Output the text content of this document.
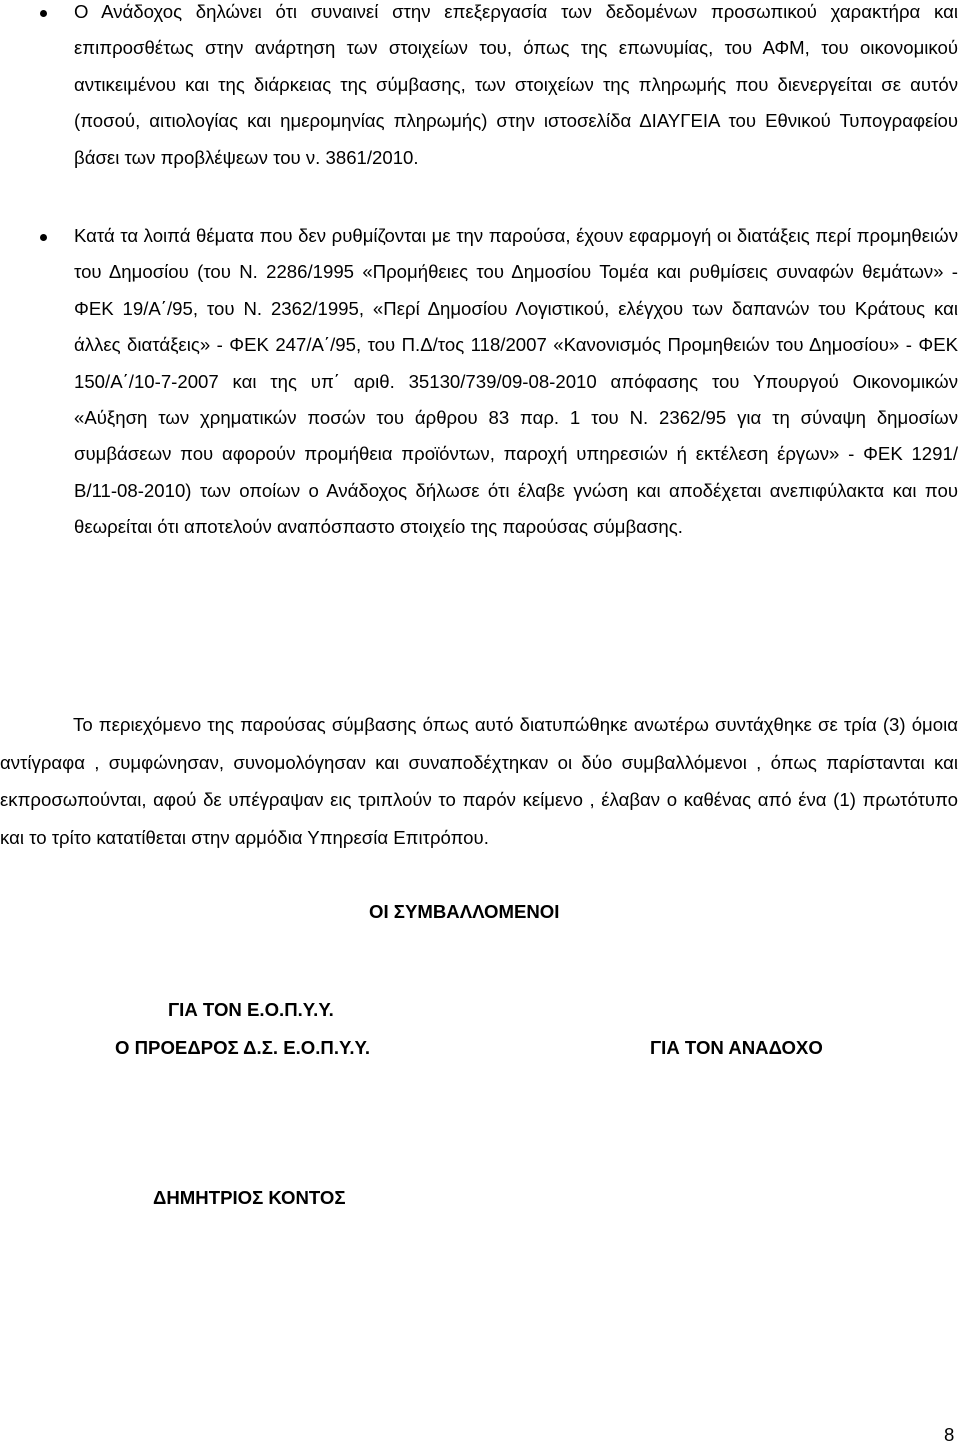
Ο Ανάδοχος δηλώνει ότι συναινεί στην επεξεργασία των δεδομένων προσωπικού χαρακτήρα και επιπροσθέτως στην ανάρτηση των στοιχείων του, όπως της επωνυμίας, του ΑΦΜ, του οικονομικού αντικειμένου και της διάρκειας της σύμβασης, των στοιχείων της πληρωμής που διενεργείται σε αυτόν (ποσού, αιτιολογίας και ημερομηνίας πληρωμής) στην ιστοσελίδα ΔΙΑΥΓΕΙΑ του Εθνικού Τυπογραφείου βάσει των προβλέψεων του ν. 3861/2010.

Κατά τα λοιπά θέματα που δεν ρυθμίζονται με την παρούσα, έχουν εφαρμογή οι διατάξεις περί προμηθειών του Δημοσίου (του Ν. 2286/1995 «Προμήθειες του Δημοσίου Τομέα και ρυθμίσεις συναφών θεμάτων» - ΦΕΚ 19/Α΄/95, του Ν. 2362/1995, «Περί Δημοσίου Λογιστικού, ελέγχου των δαπανών του Κράτους και άλλες διατάξεις» - ΦΕΚ 247/Α΄/95, του Π.Δ/τος 118/2007 «Κανονισμός Προμηθειών του Δημοσίου» - ΦΕΚ 150/Α΄/10-7-2007 και της υπ΄ αριθ. 35130/739/09-08-2010 απόφασης του Υπουργού Οικονομικών «Αύξηση των χρηματικών ποσών του άρθρου 83 παρ. 1 του Ν. 2362/95 για τη σύναψη δημοσίων συμβάσεων που αφορούν προμήθεια προϊόντων, παροχή υπηρεσιών ή εκτέλεση έργων» - ΦΕΚ 1291/Β/11-08-2010) των οποίων ο Ανάδοχος δήλωσε ότι έλαβε γνώση και αποδέχεται ανεπιφύλακτα και που θεωρείται ότι αποτελούν αναπόσπαστο στοιχείο της παρούσας σύμβασης.

Το περιεχόμενο της παρούσας σύμβασης όπως αυτό διατυπώθηκε ανωτέρω συντάχθηκε σε τρία (3) όμοια αντίγραφα , συμφώνησαν, συνομολόγησαν και συναποδέχτηκαν οι δύο συμβαλλόμενοι , όπως παρίστανται και εκπροσωπούνται, αφού δε υπέγραψαν εις τριπλούν το παρόν κείμενο , έλαβαν ο καθένας από ένα (1) πρωτότυπο και το τρίτο κατατίθεται στην αρμόδια Υπηρεσία Επιτρόπου.

ΟΙ ΣΥΜΒΑΛΛΟΜΕΝΟΙ
ΓΙΑ ΤΟΝ Ε.Ο.Π.Υ.Υ.
Ο ΠΡΟΕΔΡΟΣ Δ.Σ. Ε.Ο.Π.Υ.Υ.	ΓΙΑ ΤΟΝ ΑΝΑΔΟΧΟ
ΔΗΜΗΤΡΙΟΣ ΚΟΝΤΟΣ
8
